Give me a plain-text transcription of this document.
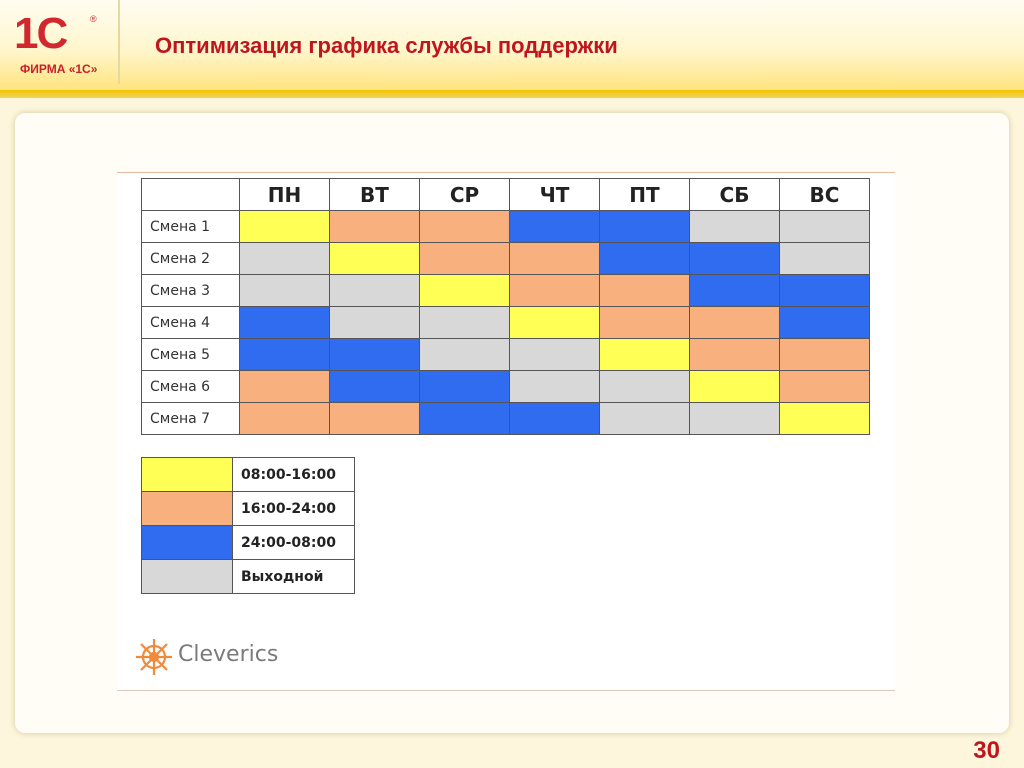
1С	®
ФИРМА «1С»
Оптимизация графика службы поддержки
	ПН	ВТ	СР	ЧТ	ПТ	СБ	ВС
Смена 1							
Смена 2							
Смена 3							
Смена 4							
Смена 5							
Смена 6							
Смена 7							
	08:00-16:00
	16:00-24:00
	24:00-08:00
	Выходной
Cleverics
30
